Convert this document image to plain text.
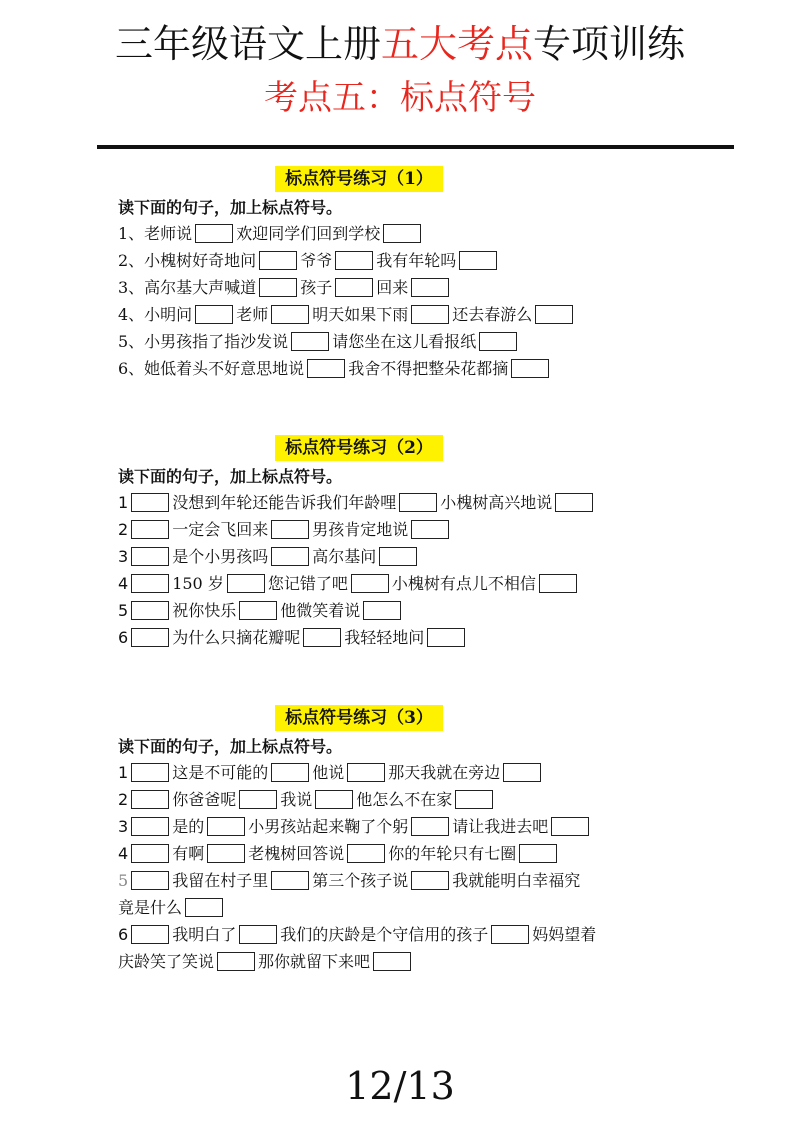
三年级语文上册五大考点专项训练
考点五：标点符号
标点符号练习（1）
读下面的句子，加上标点符号。
1、老师说	欢迎同学们回到学校
2、小槐树好奇地问	爷爷	我有年轮吗
3、高尔基大声喊道	孩子	回来
4、小明问	老师	明天如果下雨	还去春游么
5、小男孩指了指沙发说	请您坐在这儿看报纸
6、她低着头不好意思地说	我舍不得把整朵花都摘
标点符号练习（2）
读下面的句子，加上标点符号。
1	没想到年轮还能告诉我们年龄哩	小槐树高兴地说
2	一定会飞回来	男孩肯定地说
3	是个小男孩吗	高尔基问
4	150 岁	您记错了吧	小槐树有点儿不相信
5	祝你快乐	他微笑着说
6	为什么只摘花瓣呢	我轻轻地问
标点符号练习（3）
读下面的句子，加上标点符号。
1	这是不可能的	他说	那天我就在旁边
2	你爸爸呢	我说	他怎么不在家
3	是的	小男孩站起来鞠了个躬	请让我进去吧
4	有啊	老槐树回答说	你的年轮只有七圈
5	我留在村子里	第三个孩子说	我就能明白幸福究
竟是什么
6	我明白了	我们的庆龄是个守信用的孩子	妈妈望着
庆龄笑了笑说	那你就留下来吧
12/13
